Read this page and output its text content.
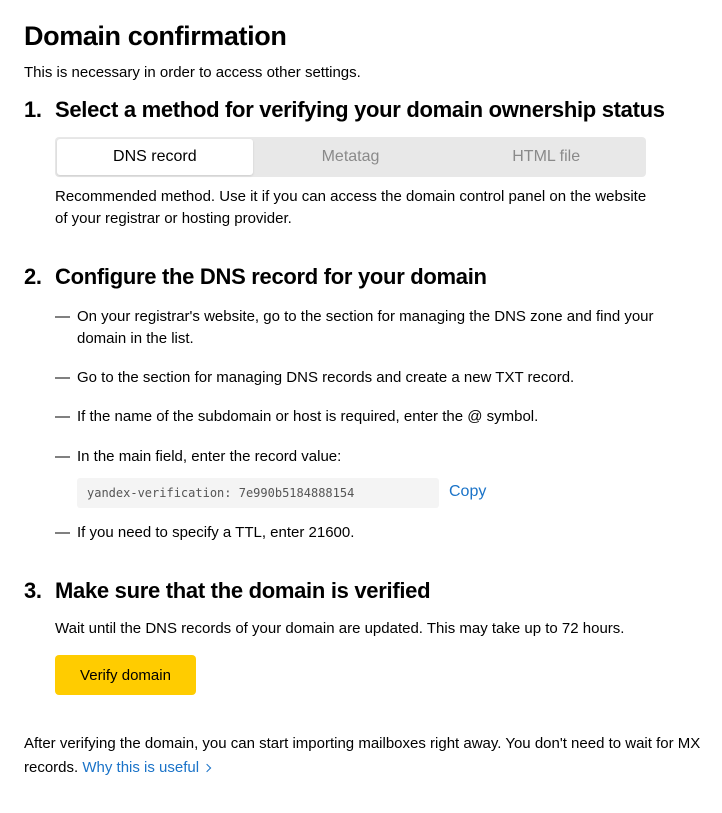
Domain confirmation
This is necessary in order to access other settings.
1. Select a method for verifying your domain ownership status
DNS record	Metatag	HTML file

Recommended method. Use it if you can access the domain control panel on the website of your registrar or hosting provider.

2. Configure the DNS record for your domain
— On your registrar's website, go to the section for managing the DNS zone and find your domain in the list.
— Go to the section for managing DNS records and create a new TXT record.
— If the name of the subdomain or host is required, enter the @ symbol.
— In the main field, enter the record value:
yandex-verification: 7e990b5184888154	Copy
— If you need to specify a TTL, enter 21600.
3. Make sure that the domain is verified

Wait until the DNS records of your domain are updated. This may take up to 72 hours.

Verify domain

After verifying the domain, you can start importing mailboxes right away. You don't need to wait for MX records. Why this is useful
